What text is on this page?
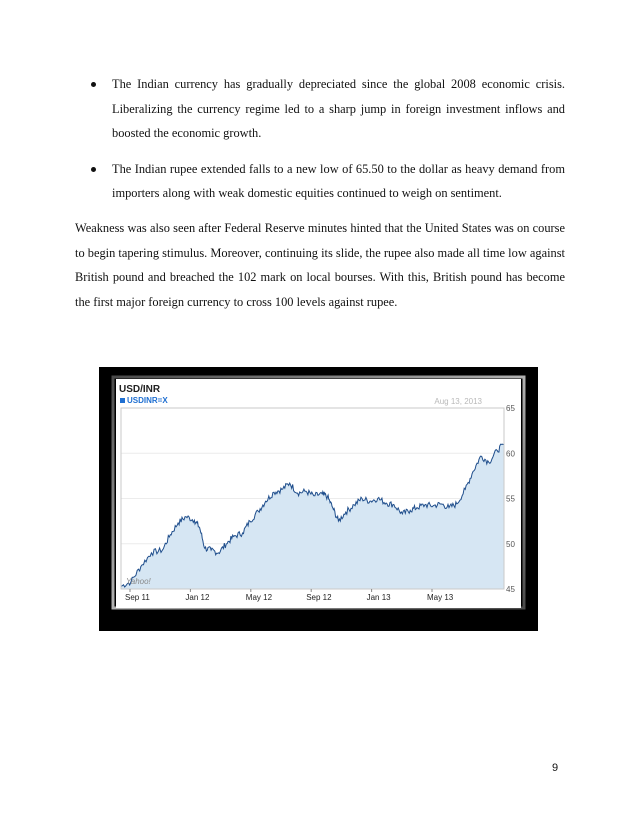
The Indian currency has gradually depreciated since the global 2008 economic crisis. Liberalizing the currency regime led to a sharp jump in foreign investment inflows and boosted the economic growth.
The Indian rupee extended falls to a new low of 65.50 to the dollar as heavy demand from importers along with weak domestic equities continued to weigh on sentiment.

Weakness was also seen after Federal Reserve minutes hinted that the United States was on course to begin tapering stimulus. Moreover, continuing its slide, the rupee also made all time low against British pound and breached the 102 mark on local bourses. With this, British pound has become the first major foreign currency to cross 100 levels against rupee.

45
50
55
60
65
Sep 11	Jan 12	May 12	Sep 12	Jan 13	May 13
USD/INR
USDINR=X	Aug 13, 2013
Yahoo!
9
